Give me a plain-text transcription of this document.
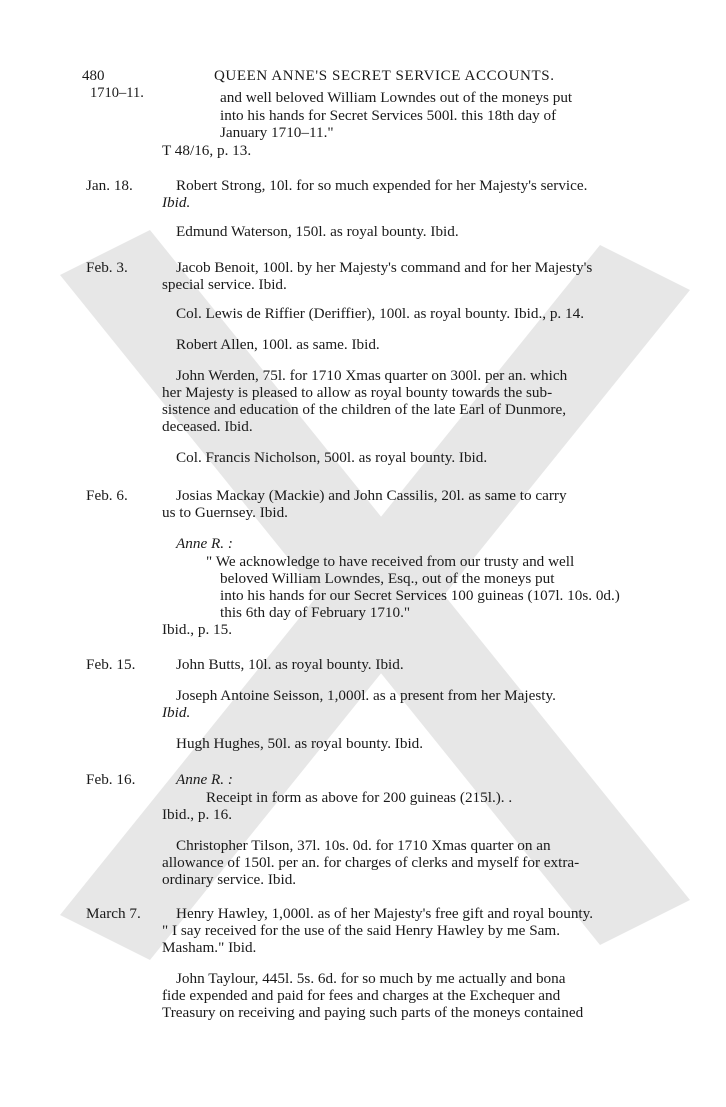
480	QUEEN ANNE'S SECRET SERVICE ACCOUNTS.
1710–11.	and well beloved William Lowndes out of the moneys put
into his hands for Secret Services 500l. this 18th day of
January 1710–11."
T 48/16, p. 13.
Jan. 18.	Robert Strong, 10l. for so much expended for her Majesty's service.
Ibid.
Edmund Waterson, 150l. as royal bounty. Ibid.
Feb. 3.	Jacob Benoit, 100l. by her Majesty's command and for her Majesty's
special service. Ibid.
Col. Lewis de Riffier (Deriffier), 100l. as royal bounty. Ibid., p. 14.
Robert Allen, 100l. as same. Ibid.
John Werden, 75l. for 1710 Xmas quarter on 300l. per an. which
her Majesty is pleased to allow as royal bounty towards the sub-
sistence and education of the children of the late Earl of Dunmore,
deceased. Ibid.
Col. Francis Nicholson, 500l. as royal bounty. Ibid.
Feb. 6.	Josias Mackay (Mackie) and John Cassilis, 20l. as same to carry
us to Guernsey. Ibid.
Anne R. :
" We acknowledge to have received from our trusty and well
beloved William Lowndes, Esq., out of the moneys put
into his hands for our Secret Services 100 guineas (107l. 10s. 0d.)
this 6th day of February 1710."
Ibid., p. 15.
Feb. 15.	John Butts, 10l. as royal bounty. Ibid.
Joseph Antoine Seisson, 1,000l. as a present from her Majesty.
Ibid.
Hugh Hughes, 50l. as royal bounty. Ibid.
Feb. 16.	Anne R. :
Receipt in form as above for 200 guineas (215l.). .
Ibid., p. 16.
Christopher Tilson, 37l. 10s. 0d. for 1710 Xmas quarter on an
allowance of 150l. per an. for charges of clerks and myself for extra-
ordinary service. Ibid.
March 7. Henry Hawley, 1,000l. as of her Majesty's free gift and royal bounty.
" I say received for the use of the said Henry Hawley by me Sam.
Masham." Ibid.
John Taylour, 445l. 5s. 6d. for so much by me actually and bona
fide expended and paid for fees and charges at the Exchequer and
Treasury on receiving and paying such parts of the moneys contained
